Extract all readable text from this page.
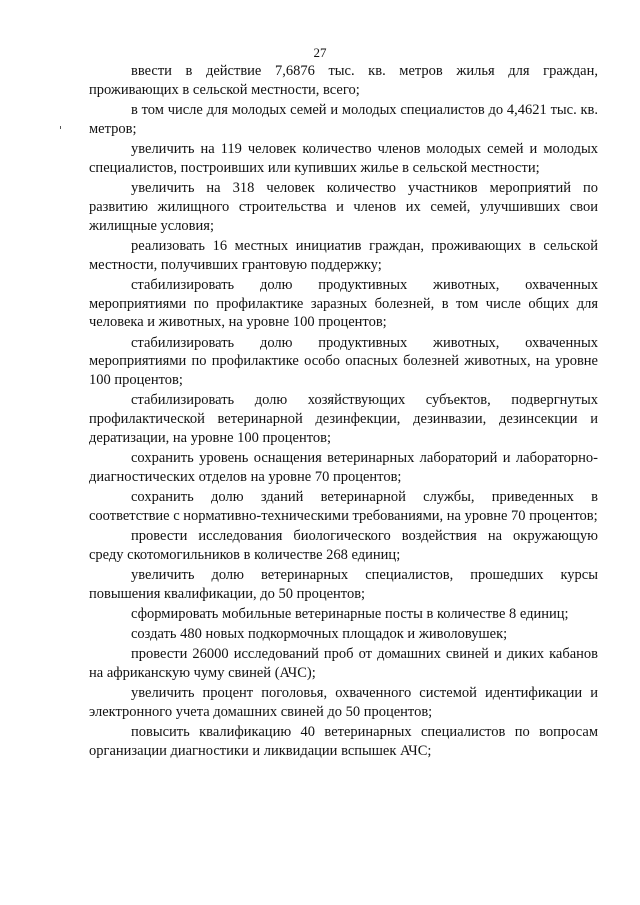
27

ввести в действие 7,6876 тыс. кв. метров жилья для граждан, проживающих в сельской местности, всего;

в том числе для молодых семей и молодых специалистов до 4,4621 тыс. кв. метров;

увеличить на 119 человек количество членов молодых семей и молодых специалистов, построивших или купивших жилье в сельской местности;

увеличить на 318 человек количество участников мероприятий по развитию жилищного строительства и членов их семей, улучшивших свои жилищные условия;

реализовать 16 местных инициатив граждан, проживающих в сельской местности, получивших грантовую поддержку;

стабилизировать долю продуктивных животных, охваченных мероприятиями по профилактике заразных болезней, в том числе общих для человека и животных, на уровне 100 процентов;

стабилизировать долю продуктивных животных, охваченных мероприятиями по профилактике особо опасных болезней животных, на уровне 100 процентов;

стабилизировать долю хозяйствующих субъектов, подвергнутых профилактической ветеринарной дезинфекции, дезинвазии, дезинсекции и дератизации, на уровне 100 процентов;

сохранить уровень оснащения ветеринарных лабораторий и лабораторно-диагностических отделов на уровне 70 процентов;

сохранить долю зданий ветеринарной службы, приведенных в соответствие с нормативно-техническими требованиями, на уровне 70 процентов;

провести исследования биологического воздействия на окружающую среду скотомогильников в количестве 268 единиц;

увеличить долю ветеринарных специалистов, прошедших курсы повышения квалификации, до 50 процентов;

сформировать мобильные ветеринарные посты в количестве 8 единиц;

создать 480 новых подкормочных площадок и живоловушек;

провести 26000 исследований проб от домашних свиней и диких кабанов на африканскую чуму свиней (АЧС);

увеличить процент поголовья, охваченного системой идентификации и электронного учета домашних свиней до 50 процентов;

повысить квалификацию 40 ветеринарных специалистов по вопросам организации диагностики и ликвидации вспышек АЧС;
